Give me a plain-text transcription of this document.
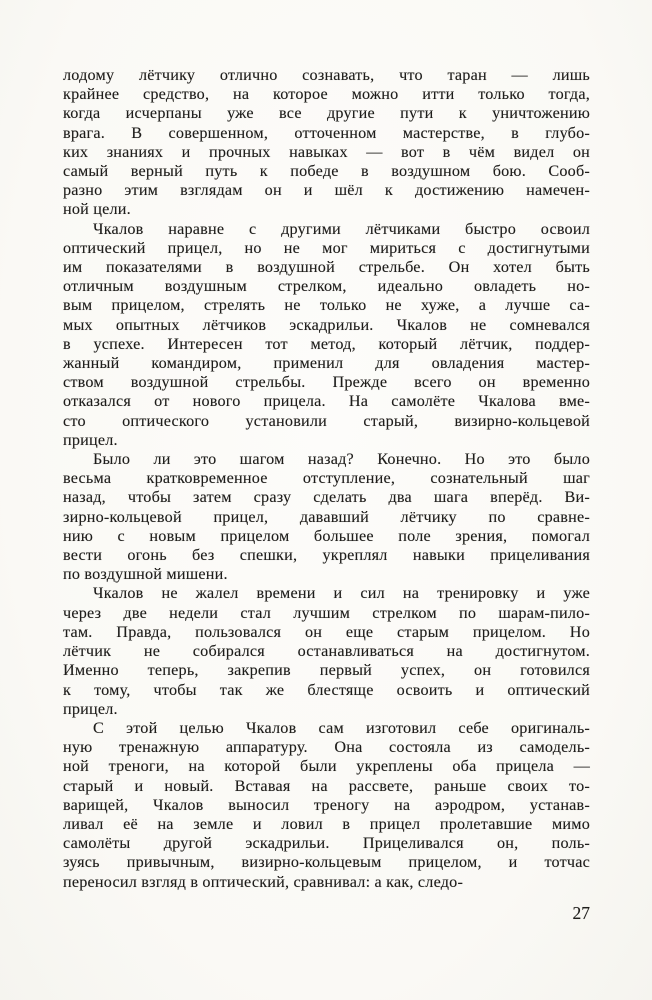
лодому лётчику отлично сознавать, что таран — лишь
крайнее средство, на которое можно итти только тогда,
когда исчерпаны уже все другие пути к уничтожению
врага. В совершенном, отточенном мастерстве, в глубо-
ких знаниях и прочных навыках — вот в чём видел он
самый верный путь к победе в воздушном бою. Сооб-
разно этим взглядам он и шёл к достижению намечен-
ной цели.
Чкалов наравне с другими лётчиками быстро освоил
оптический прицел, но не мог мириться с достигнутыми
им показателями в воздушной стрельбе. Он хотел быть
отличным воздушным стрелком, идеально овладеть но-
вым прицелом, стрелять не только не хуже, а лучше са-
мых опытных лётчиков эскадрильи. Чкалов не сомневался
в успехе. Интересен тот метод, который лётчик, поддер-
жанный командиром, применил для овладения мастер-
ством воздушной стрельбы. Прежде всего он временно
отказался от нового прицела. На самолёте Чкалова вме-
сто оптического установили старый, визирно-кольцевой
прицел.
Было ли это шагом назад? Конечно. Но это было
весьма кратковременное отступление, сознательный шаг
назад, чтобы затем сразу сделать два шага вперёд. Ви-
зирно-кольцевой прицел, дававший лётчику по сравне-
нию с новым прицелом большее поле зрения, помогал
вести огонь без спешки, укреплял навыки прицеливания
по воздушной мишени.
Чкалов не жалел времени и сил на тренировку и уже
через две недели стал лучшим стрелком по шарам-пило-
там. Правда, пользовался он еще старым прицелом. Но
лётчик не собирался останавливаться на достигнутом.
Именно теперь, закрепив первый успех, он готовился
к тому, чтобы так же блестяще освоить и оптический
прицел.
С этой целью Чкалов сам изготовил себе оригиналь-
ную тренажную аппаратуру. Она состояла из самодель-
ной треноги, на которой были укреплены оба прицела —
старый и новый. Вставая на рассвете, раньше своих то-
варищей, Чкалов выносил треногу на аэродром, устанав-
ливал её на земле и ловил в прицел пролетавшие мимо
самолёты другой эскадрильи. Прицеливался он, поль-
зуясь привычным, визирно-кольцевым прицелом, и тотчас
переносил взгляд в оптический, сравнивал: а как, следо-
27
